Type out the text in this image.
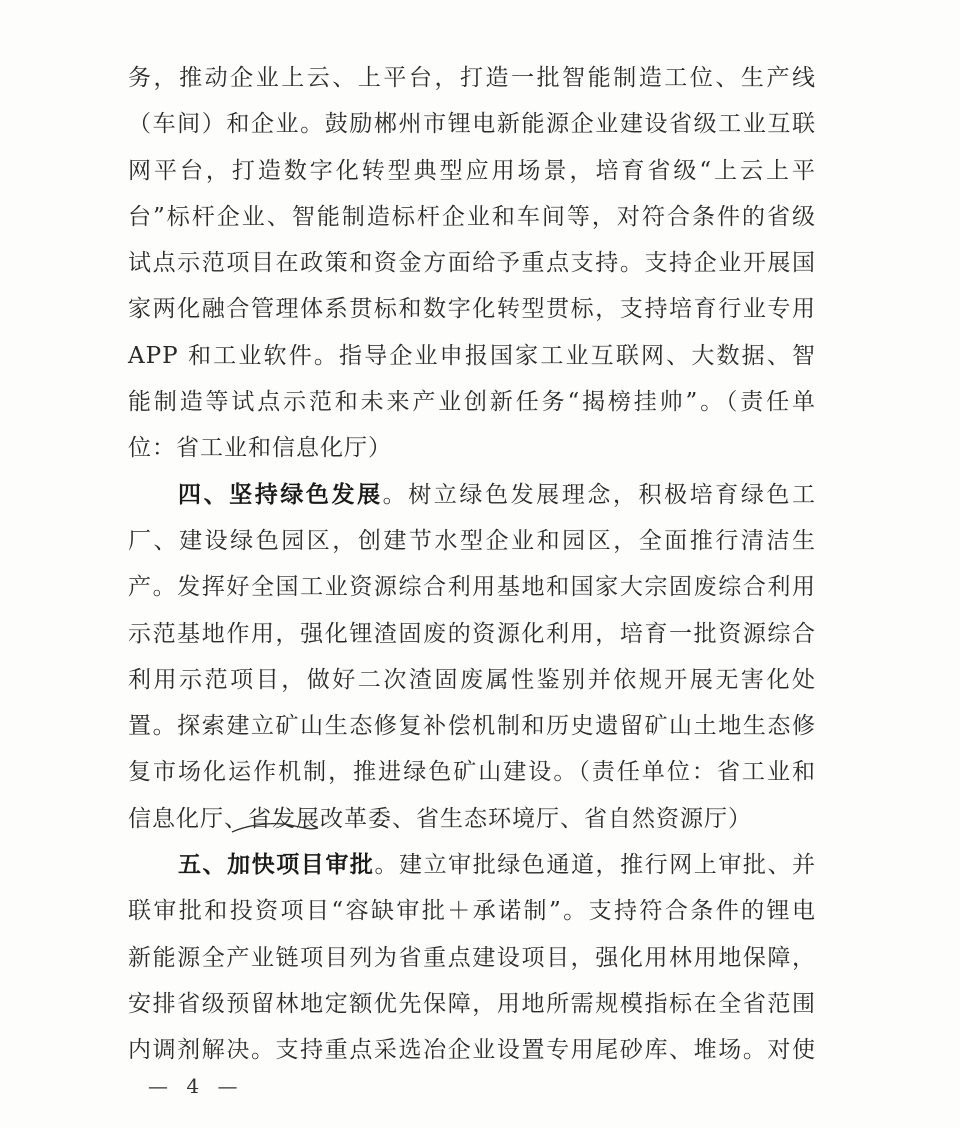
务，推动企业上云、上平台，打造一批智能制造工位、生产线
（车间）和企业。鼓励郴州市锂电新能源企业建设省级工业互联
网平台，打造数字化转型典型应用场景，培育省级“上云上平
台”标杆企业、智能制造标杆企业和车间等，对符合条件的省级
试点示范项目在政策和资金方面给予重点支持。支持企业开展国
家两化融合管理体系贯标和数字化转型贯标，支持培育行业专用
APP 和工业软件。指导企业申报国家工业互联网、大数据、智
能制造等试点示范和未来产业创新任务“揭榜挂帅”。（责任单
位：省工业和信息化厅）
四、坚持绿色发展。树立绿色发展理念，积极培育绿色工
厂、建设绿色园区，创建节水型企业和园区，全面推行清洁生
产。发挥好全国工业资源综合利用基地和国家大宗固废综合利用
示范基地作用，强化锂渣固废的资源化利用，培育一批资源综合
利用示范项目，做好二次渣固废属性鉴别并依规开展无害化处
置。探索建立矿山生态修复补偿机制和历史遗留矿山土地生态修
复市场化运作机制，推进绿色矿山建设。（责任单位：省工业和
信息化厅、省发展改革委、省生态环境厅、省自然资源厅）
五、加快项目审批。建立审批绿色通道，推行网上审批、并
联审批和投资项目“容缺审批＋承诺制”。支持符合条件的锂电
新能源全产业链项目列为省重点建设项目，强化用林用地保障，
安排省级预留林地定额优先保障，用地所需规模指标在全省范围
内调剂解决。支持重点采选冶企业设置专用尾砂库、堆场。对使
— 4 —
